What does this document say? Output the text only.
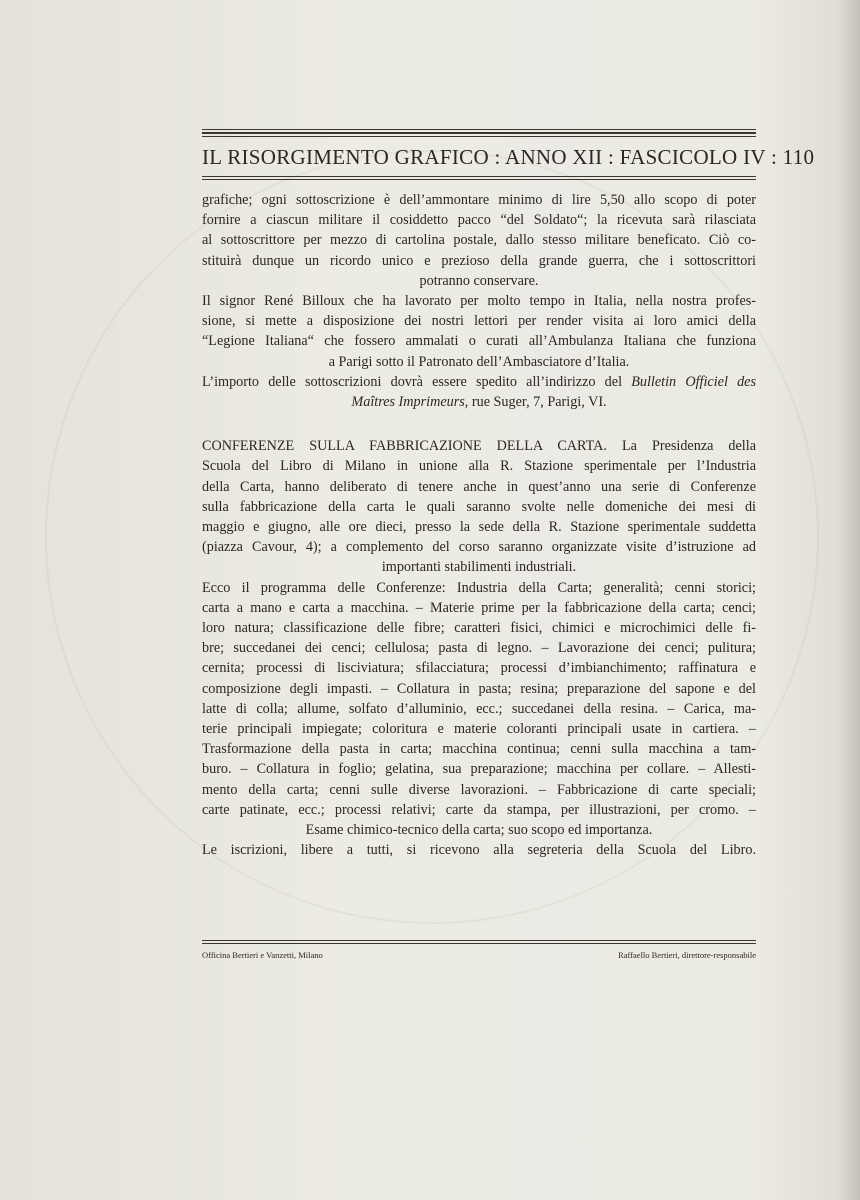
IL RISORGIMENTO GRAFICO : ANNO XII : FASCICOLO IV : 110

grafiche; ogni sottoscrizione è dell’ammontare minimo di lire 5,50 allo scopo di poter

fornire a ciascun militare il cosiddetto pacco “del Soldato“; la ricevuta sarà rilasciata

al sottoscrittore per mezzo di cartolina postale, dallo stesso militare beneficato. Ciò co-

stituirà dunque un ricordo unico e prezioso della grande guerra, che i sottoscrittori

potranno conservare.

Il signor René Billoux che ha lavorato per molto tempo in Italia, nella nostra profes-

sione, si mette a disposizione dei nostri lettori per render visita ai loro amici della

“Legione Italiana“ che fossero ammalati o curati all’Ambulanza Italiana che funziona

a Parigi sotto il Patronato dell’Ambasciatore d’Italia.

L’importo delle sottoscrizioni dovrà essere spedito all’indirizzo del Bulletin Officiel des

Maîtres Imprimeurs, rue Suger, 7, Parigi, VI.

CONFERENZE SULLA FABBRICAZIONE DELLA CARTA. La Presidenza della

Scuola del Libro di Milano in unione alla R. Stazione sperimentale per l’Industria

della Carta, hanno deliberato di tenere anche in quest’anno una serie di Conferenze

sulla fabbricazione della carta le quali saranno svolte nelle domeniche dei mesi di

maggio e giugno, alle ore dieci, presso la sede della R. Stazione sperimentale suddetta

(piazza Cavour, 4); a complemento del corso saranno organizzate visite d’istruzione ad

importanti stabilimenti industriali.

Ecco il programma delle Conferenze: Industria della Carta; generalità; cenni storici;

carta a mano e carta a macchina. – Materie prime per la fabbricazione della carta; cenci;

loro natura; classificazione delle fibre; caratteri fisici, chimici e microchimici delle fi-

bre; succedanei dei cenci; cellulosa; pasta di legno. – Lavorazione dei cenci; pulitura;

cernita; processi di lisciviatura; sfilacciatura; processi d’imbianchimento; raffinatura e

composizione degli impasti. – Collatura in pasta; resina; preparazione del sapone e del

latte di colla; allume, solfato d’alluminio, ecc.; succedanei della resina. – Carica, ma-

terie principali impiegate; coloritura e materie coloranti principali usate in cartiera. –

Trasformazione della pasta in carta; macchina continua; cenni sulla macchina a tam-

buro. – Collatura in foglio; gelatina, sua preparazione; macchina per collare. – Allesti-

mento della carta; cenni sulle diverse lavorazioni. – Fabbricazione di carte speciali;

carte patinate, ecc.; processi relativi; carte da stampa, per illustrazioni, per cromo. –

Esame chimico-tecnico della carta; suo scopo ed importanza.

Le iscrizioni, libere a tutti, si ricevono alla segreteria della Scuola del Libro.

Officina Bertieri e Vanzetti, Milano	Raffaello Bertieri, direttore-responsabile
